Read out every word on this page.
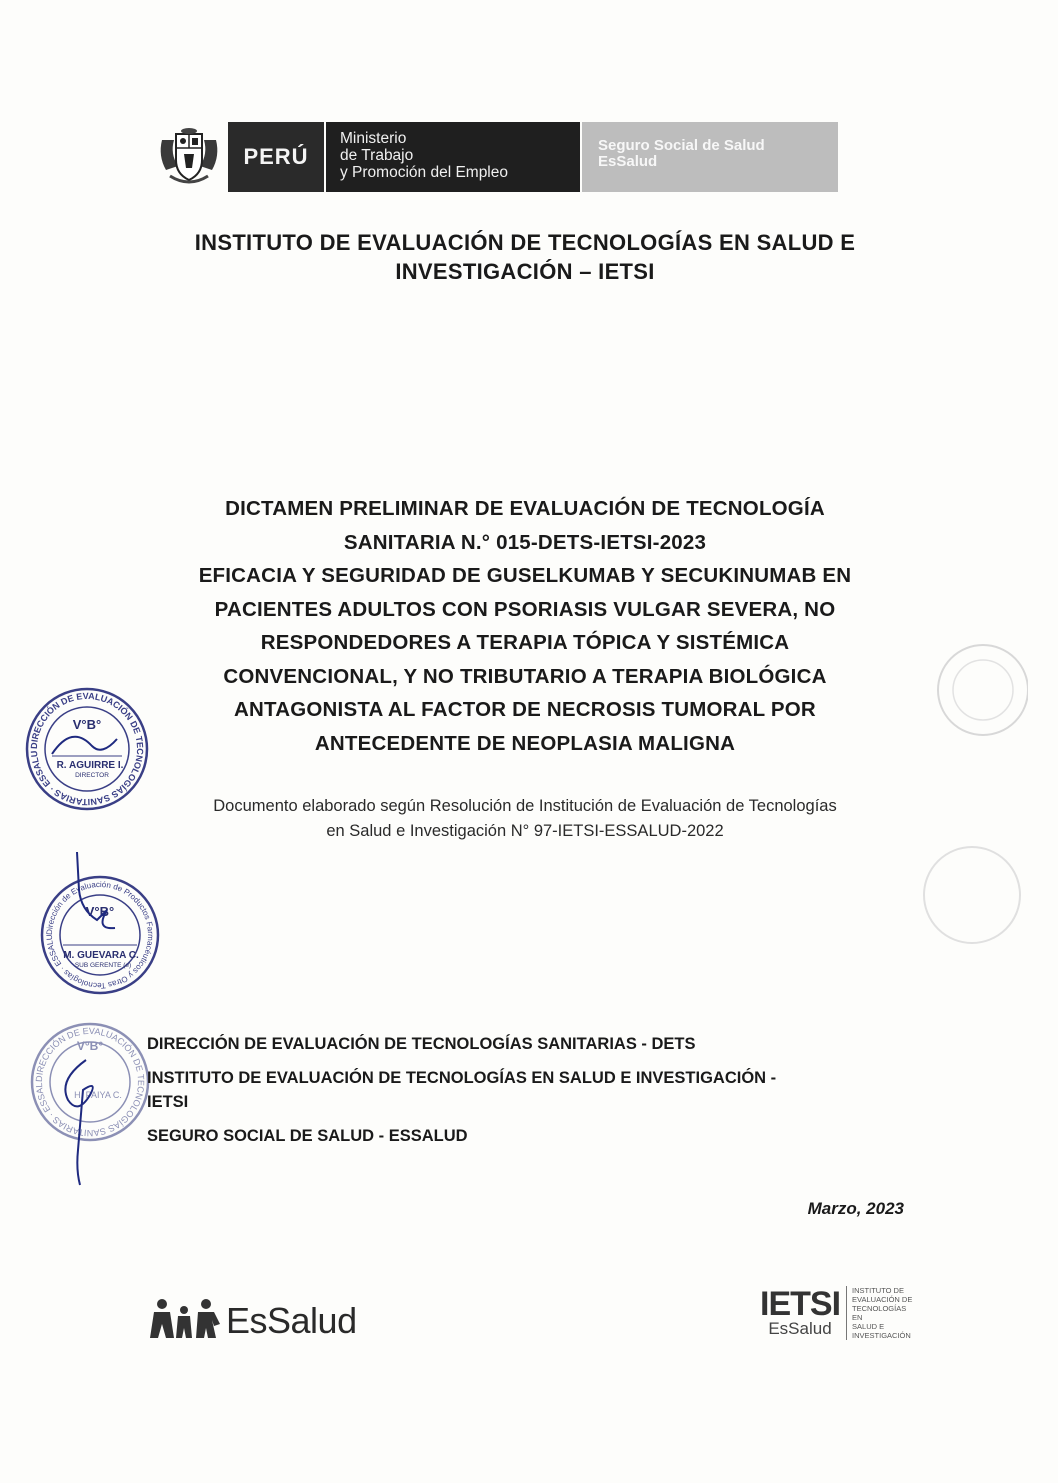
PERÚ
Ministerio
de Trabajo
y Promoción del Empleo
Seguro Social de Salud
EsSalud
INSTITUTO DE EVALUACIÓN DE TECNOLOGÍAS EN SALUD E
INVESTIGACIÓN – IETSI
DICTAMEN PRELIMINAR DE EVALUACIÓN DE TECNOLOGÍA
SANITARIA N.° 015-DETS-IETSI-2023
EFICACIA Y SEGURIDAD DE GUSELKUMAB Y SECUKINUMAB EN
PACIENTES ADULTOS CON PSORIASIS VULGAR SEVERA, NO
RESPONDEDORES A TERAPIA TÓPICA Y SISTÉMICA
CONVENCIONAL, Y NO TRIBUTARIO A TERAPIA BIOLÓGICA
ANTAGONISTA AL FACTOR DE NECROSIS TUMORAL POR
ANTECEDENTE DE NEOPLASIA MALIGNA
Documento elaborado según Resolución de Institución de Evaluación de Tecnologías
en Salud e Investigación N° 97-IETSI-ESSALUD-2022
DIRECCIÓN DE EVALUACIÓN DE TECNOLOGÍAS SANITARIAS · ESSALU
V°B°
R. AGUIRRE I.
DIRECTOR
Dirección de Evaluación de Productos Farmacéuticos y Otras Tecnologías · ESSALU
V°B°
M. GUEVARA C.
SUB GERENTE (e)
DIRECCIÓN DE EVALUACIÓN DE TECNOLOGÍAS SANITARIAS · ESSAL
V°B°
H. PAIYA C.
DIRECCIÓN DE EVALUACIÓN DE TECNOLOGÍAS SANITARIAS - DETS
INSTITUTO DE EVALUACIÓN DE TECNOLOGÍAS EN SALUD E INVESTIGACIÓN -
IETSI
SEGURO SOCIAL DE SALUD - ESSALUD
Marzo, 2023
EsSalud	IETSI
EsSalud
INSTITUTO DE
EVALUACIÓN DE
TECNOLOGÍAS EN
SALUD E
INVESTIGACIÓN
